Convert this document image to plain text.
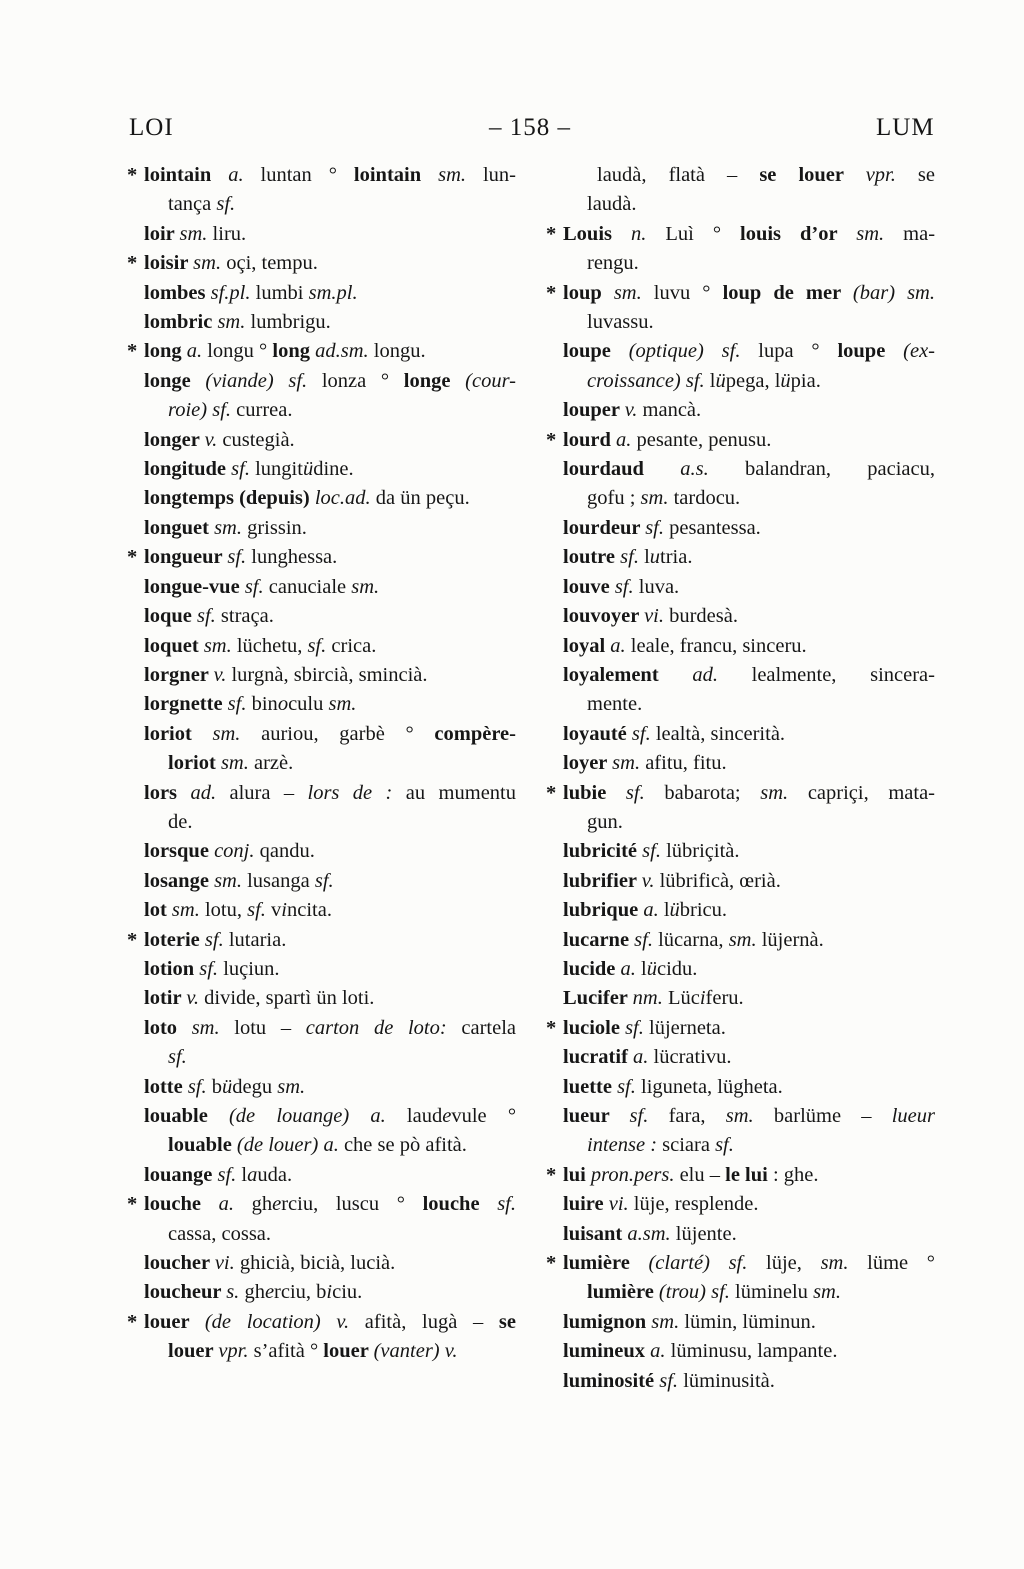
LOI	– 158 –	LUM
* lointain a. luntan ° lointain sm. lun-
tança sf.
loir sm. liru.
* loisir sm. oçi, tempu.
lombes sf.pl. lumbi sm.pl.
lombric sm. lumbrigu.
* long a. longu ° long ad.sm. longu.
longe (viande) sf. lonza ° longe (cour-
roie) sf. currea.
longer v. custegià.
longitude sf. lungitüdine.
longtemps (depuis) loc.ad. da ün peçu.
longuet sm. grissin.
* longueur sf. lunghessa.
longue-vue sf. canuciale sm.
loque sf. straça.
loquet sm. lüchetu, sf. crica.
lorgner v. lurgnà, sbircià, smincià.
lorgnette sf. binoculu sm.
loriot sm. auriou, garbè ° compère-
loriot sm. arzè.
lors ad. alura – lors de : au mumentu
de.
lorsque conj. qandu.
losange sm. lusanga sf.
lot sm. lotu, sf. vincita.
* loterie sf. lutaria.
lotion sf. luçiun.
lotir v. divide, spartì ün loti.
loto sm. lotu – carton de loto: cartela
sf.
lotte sf. büdegu sm.
louable (de louange) a. laudevule °
louable (de louer) a. che se pò afità.
louange sf. lauda.
* louche a. gherciu, luscu ° louche sf.
cassa, cossa.
loucher vi. ghicià, bicià, lucià.
loucheur s. gherciu, biciu.
* louer (de location) v. afità, lugà – se
louer vpr. s’afità ° louer (vanter) v.
laudà, flatà – se louer vpr. se
laudà.
* Louis n. Luì ° louis d’or sm. ma-
rengu.
* loup sm. luvu ° loup de mer (bar) sm.
luvassu.
loupe (optique) sf. lupa ° loupe (ex-
croissance) sf. lüpega, lüpia.
louper v. mancà.
* lourd a. pesante, penusu.
lourdaud a.s. balandran, paciacu,
gofu ; sm. tardocu.
lourdeur sf. pesantessa.
loutre sf. lutria.
louve sf. luva.
louvoyer vi. burdesà.
loyal a. leale, francu, sinceru.
loyalement ad. lealmente, sincera-
mente.
loyauté sf. lealtà, sincerità.
loyer sm. afitu, fitu.
* lubie sf. babarota; sm. capriçi, mata-
gun.
lubricité sf. lübriçità.
lubrifier v. lübrificà, œrià.
lubrique a. lübricu.
lucarne sf. lücarna, sm. lüjernà.
lucide a. lücidu.
Lucifer nm. Lüciferu.
* luciole sf. lüjerneta.
lucratif a. lücrativu.
luette sf. liguneta, lügheta.
lueur sf. fara, sm. barlüme – lueur
intense : sciara sf.
* lui pron.pers. elu – le lui : ghe.
luire vi. lüje, resplende.
luisant a.sm. lüjente.
* lumière (clarté) sf. lüje, sm. lüme °
lumière (trou) sf. lüminelu sm.
lumignon sm. lümin, lüminun.
lumineux a. lüminusu, lampante.
luminosité sf. lüminusità.
